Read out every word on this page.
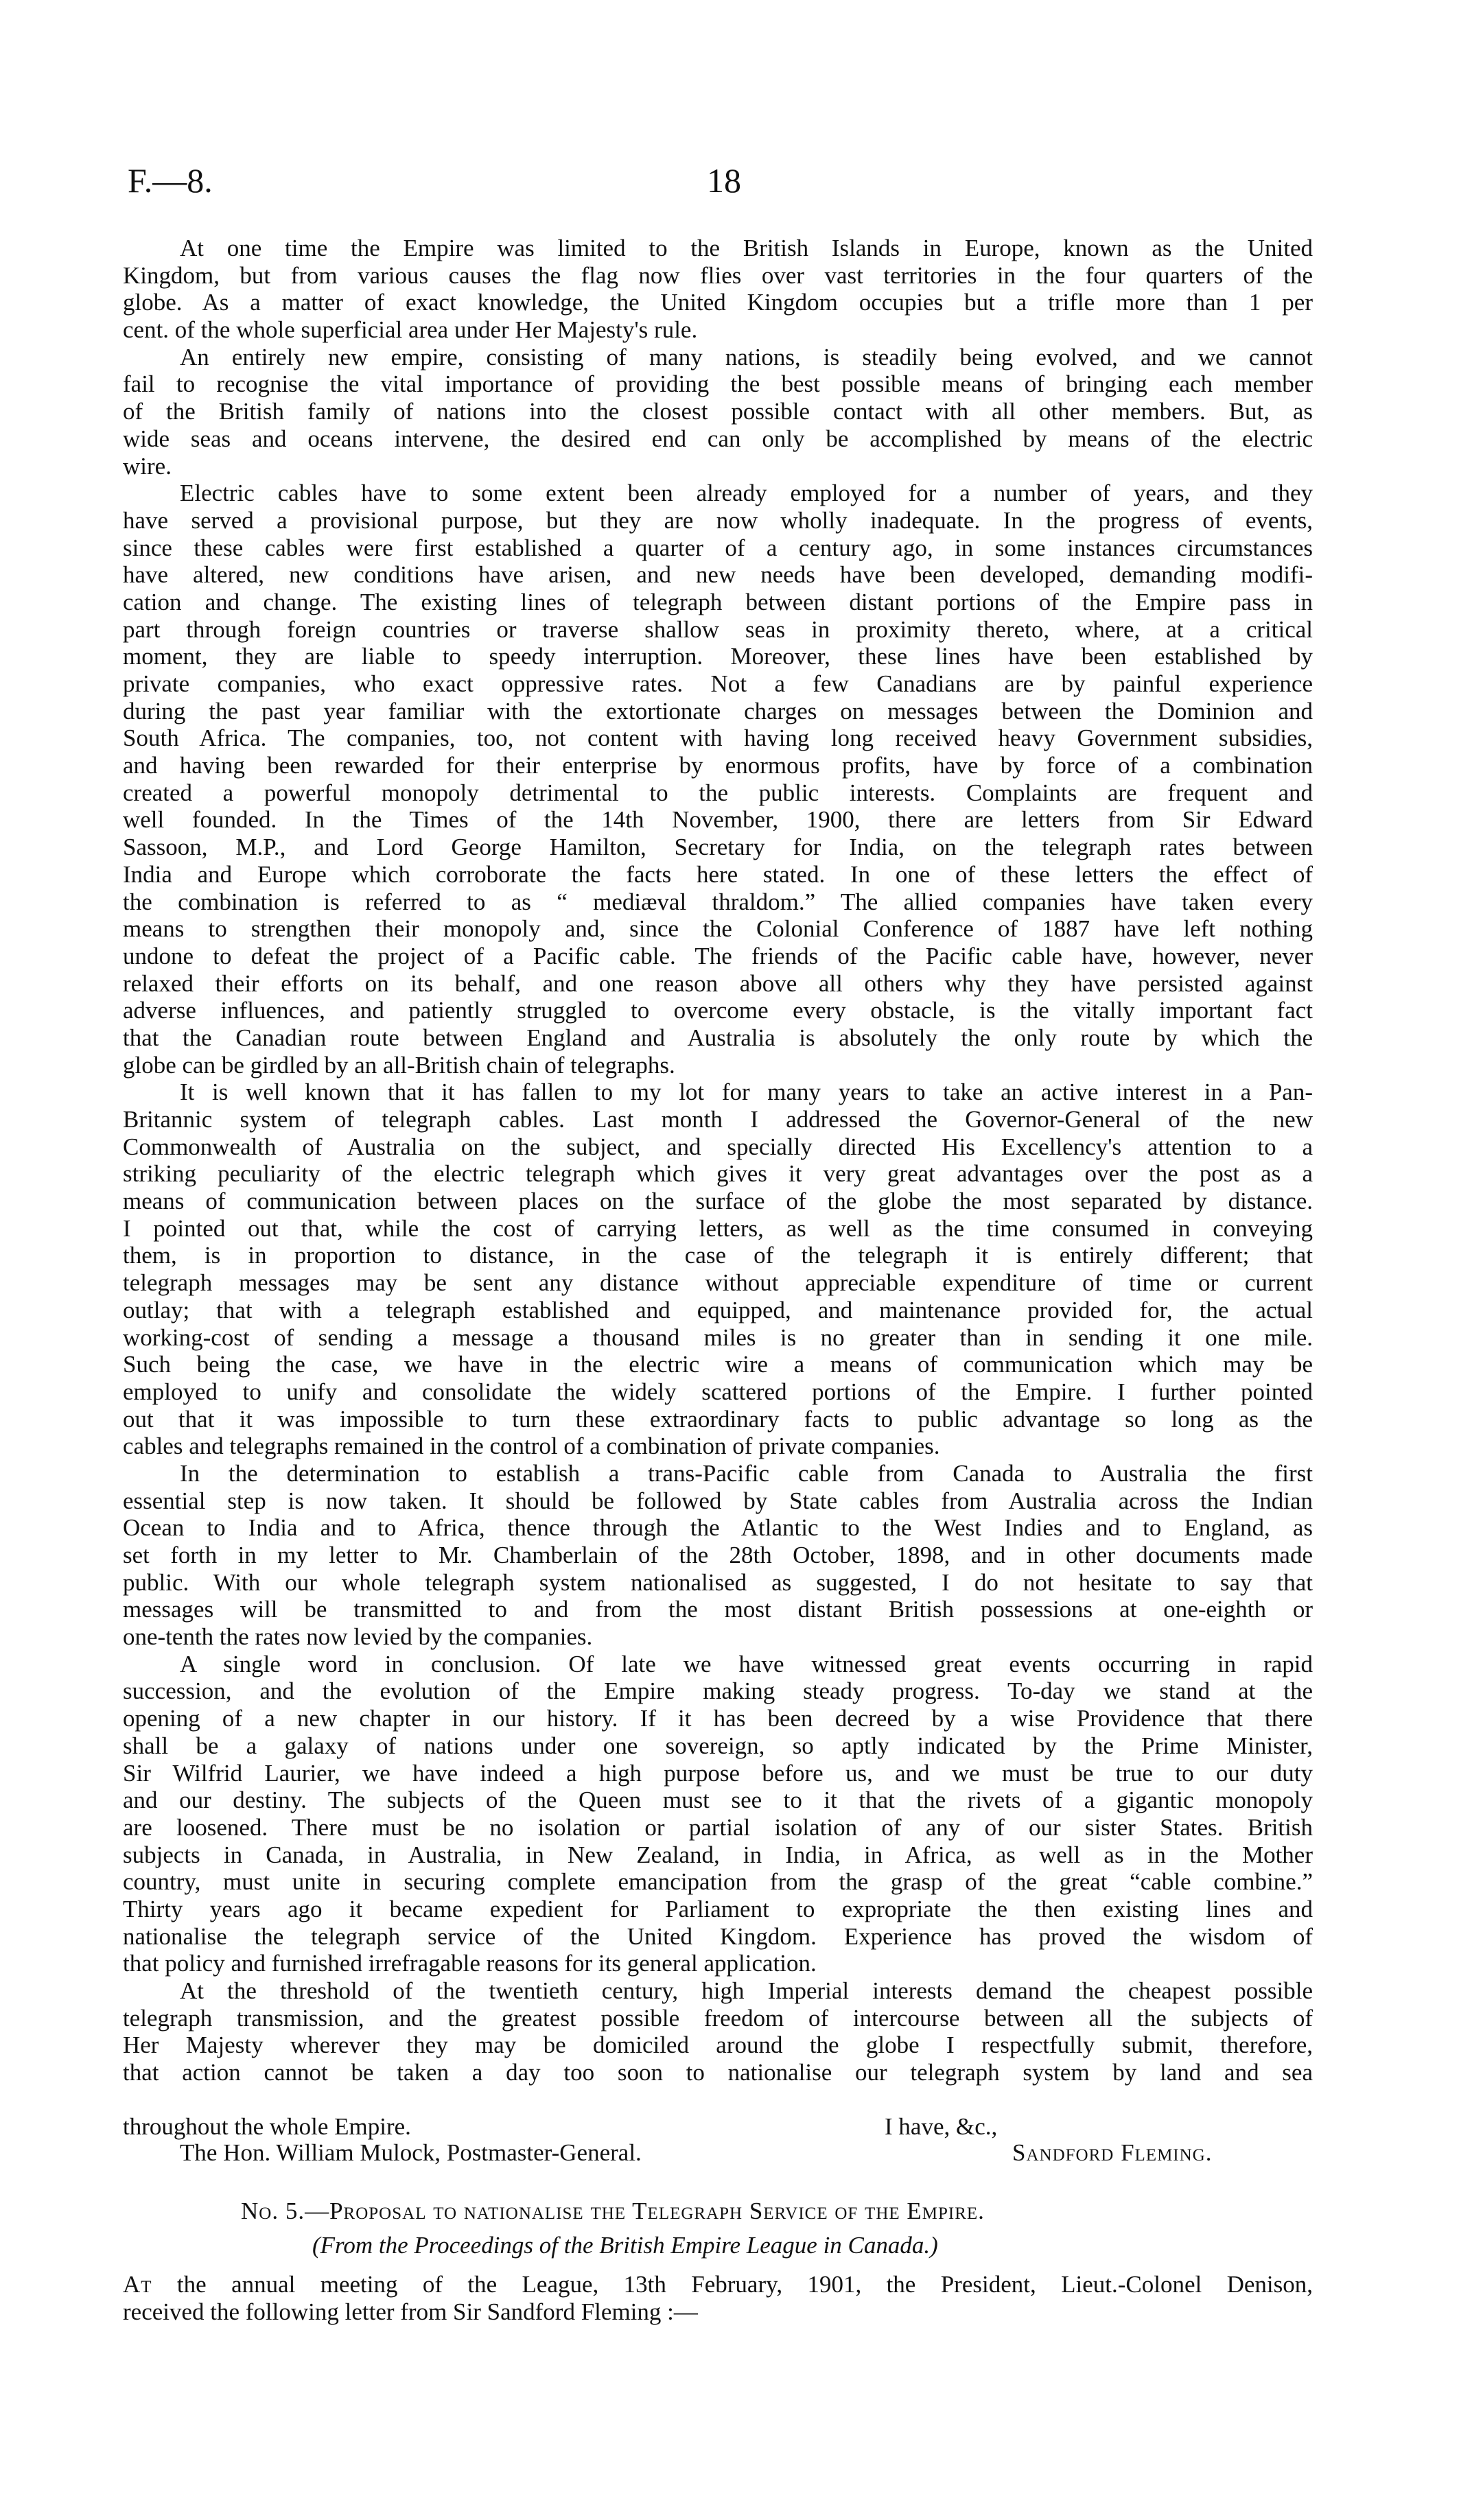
F.—8.	18
At one time the Empire was limited to the British Islands in Europe, known as the United
Kingdom, but from various causes the flag now flies over vast territories in the four quarters of the
globe. As a matter of exact knowledge, the United Kingdom occupies but a trifle more than 1 per
cent. of the whole superficial area under Her Majesty's rule.
An entirely new empire, consisting of many nations, is steadily being evolved, and we cannot
fail to recognise the vital importance of providing the best possible means of bringing each member
of the British family of nations into the closest possible contact with all other members. But, as
wide seas and oceans intervene, the desired end can only be accomplished by means of the electric
wire.
Electric cables have to some extent been already employed for a number of years, and they
have served a provisional purpose, but they are now wholly inadequate. In the progress of events,
since these cables were first established a quarter of a century ago, in some instances circumstances
have altered, new conditions have arisen, and new needs have been developed, demanding modifi-
cation and change. The existing lines of telegraph between distant portions of the Empire pass in
part through foreign countries or traverse shallow seas in proximity thereto, where, at a critical
moment, they are liable to speedy interruption. Moreover, these lines have been established by
private companies, who exact oppressive rates. Not a few Canadians are by painful experience
during the past year familiar with the extortionate charges on messages between the Dominion and
South Africa. The companies, too, not content with having long received heavy Government subsidies,
and having been rewarded for their enterprise by enormous profits, have by force of a combination
created a powerful monopoly detrimental to the public interests. Complaints are frequent and
well founded. In the Times of the 14th November, 1900, there are letters from Sir Edward
Sassoon, M.P., and Lord George Hamilton, Secretary for India, on the telegraph rates between
India and Europe which corroborate the facts here stated. In one of these letters the effect of
the combination is referred to as “ mediæval thraldom.” The allied companies have taken every
means to strengthen their monopoly and, since the Colonial Conference of 1887 have left nothing
undone to defeat the project of a Pacific cable. The friends of the Pacific cable have, however, never
relaxed their efforts on its behalf, and one reason above all others why they have persisted against
adverse influences, and patiently struggled to overcome every obstacle, is the vitally important fact
that the Canadian route between England and Australia is absolutely the only route by which the
globe can be girdled by an all-British chain of telegraphs.
It is well known that it has fallen to my lot for many years to take an active interest in a Pan-
Britannic system of telegraph cables. Last month I addressed the Governor-General of the new
Commonwealth of Australia on the subject, and specially directed His Excellency's attention to a
striking peculiarity of the electric telegraph which gives it very great advantages over the post as a
means of communication between places on the surface of the globe the most separated by distance.
I pointed out that, while the cost of carrying letters, as well as the time consumed in conveying
them, is in proportion to distance, in the case of the telegraph it is entirely different; that
telegraph messages may be sent any distance without appreciable expenditure of time or current
outlay; that with a telegraph established and equipped, and maintenance provided for, the actual
working-cost of sending a message a thousand miles is no greater than in sending it one mile.
Such being the case, we have in the electric wire a means of communication which may be
employed to unify and consolidate the widely scattered portions of the Empire. I further pointed
out that it was impossible to turn these extraordinary facts to public advantage so long as the
cables and telegraphs remained in the control of a combination of private companies.
In the determination to establish a trans-Pacific cable from Canada to Australia the first
essential step is now taken. It should be followed by State cables from Australia across the Indian
Ocean to India and to Africa, thence through the Atlantic to the West Indies and to England, as
set forth in my letter to Mr. Chamberlain of the 28th October, 1898, and in other documents made
public. With our whole telegraph system nationalised as suggested, I do not hesitate to say that
messages will be transmitted to and from the most distant British possessions at one-eighth or
one-tenth the rates now levied by the companies.
A single word in conclusion. Of late we have witnessed great events occurring in rapid
succession, and the evolution of the Empire making steady progress. To-day we stand at the
opening of a new chapter in our history. If it has been decreed by a wise Providence that there
shall be a galaxy of nations under one sovereign, so aptly indicated by the Prime Minister,
Sir Wilfrid Laurier, we have indeed a high purpose before us, and we must be true to our duty
and our destiny. The subjects of the Queen must see to it that the rivets of a gigantic monopoly
are loosened. There must be no isolation or partial isolation of any of our sister States. British
subjects in Canada, in Australia, in New Zealand, in India, in Africa, as well as in the Mother
country, must unite in securing complete emancipation from the grasp of the great “cable combine.”
Thirty years ago it became expedient for Parliament to expropriate the then existing lines and
nationalise the telegraph service of the United Kingdom. Experience has proved the wisdom of
that policy and furnished irrefragable reasons for its general application.
At the threshold of the twentieth century, high Imperial interests demand the cheapest possible
telegraph transmission, and the greatest possible freedom of intercourse between all the subjects of
Her Majesty wherever they may be domiciled around the globe I respectfully submit, therefore,
that action cannot be taken a day too soon to nationalise our telegraph system by land and sea
throughout the whole Empire.	I have, &c.,
The Hon. William Mulock, Postmaster-General.	Sandford Fleming.
No. 5.—Proposal to nationalise the Telegraph Service of the Empire.
(From the Proceedings of the British Empire League in Canada.)
At the annual meeting of the League, 13th February, 1901, the President, Lieut.-Colonel Denison,
received the following letter from Sir Sandford Fleming :—
